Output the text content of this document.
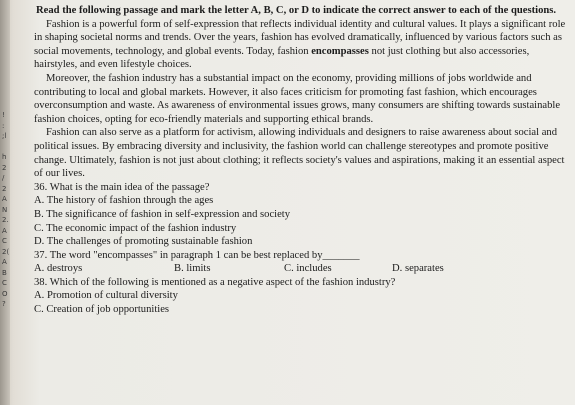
!
:
;l
h
2
/
2
A
N
2.
A
C
2(
A
B
C
O
?

Read the following passage and mark the letter A, B, C, or D to indicate the correct answer to each of the questions.

Fashion is a powerful form of self-expression that reflects individual identity and cultural values. It plays a significant role in shaping societal norms and trends. Over the years, fashion has evolved dramatically, influenced by various factors such as social movements, technology, and global events. Today, fashion encompasses not just clothing but also accessories, hairstyles, and even lifestyle choices.

Moreover, the fashion industry has a substantial impact on the economy, providing millions of jobs worldwide and contributing to local and global markets. However, it also faces criticism for promoting fast fashion, which encourages overconsumption and waste. As awareness of environmental issues grows, many consumers are shifting towards sustainable fashion choices, opting for eco-friendly materials and supporting ethical brands.

Fashion can also serve as a platform for activism, allowing individuals and designers to raise awareness about social and political issues. By embracing diversity and inclusivity, the fashion world can challenge stereotypes and promote positive change. Ultimately, fashion is not just about clothing; it reflects society's values and aspirations, making it an essential aspect of our lives.

36. What is the main idea of the passage?

A. The history of fashion through the ages

B. The significance of fashion in self-expression and society

C. The economic impact of the fashion industry

D. The challenges of promoting sustainable fashion

37. The word "encompasses" in paragraph 1 can be best replaced by_______

A. destroys	B. limits	C. includes	D. separates

38. Which of the following is mentioned as a negative aspect of the fashion industry?

A. Promotion of cultural diversity

C. Creation of job opportunities
